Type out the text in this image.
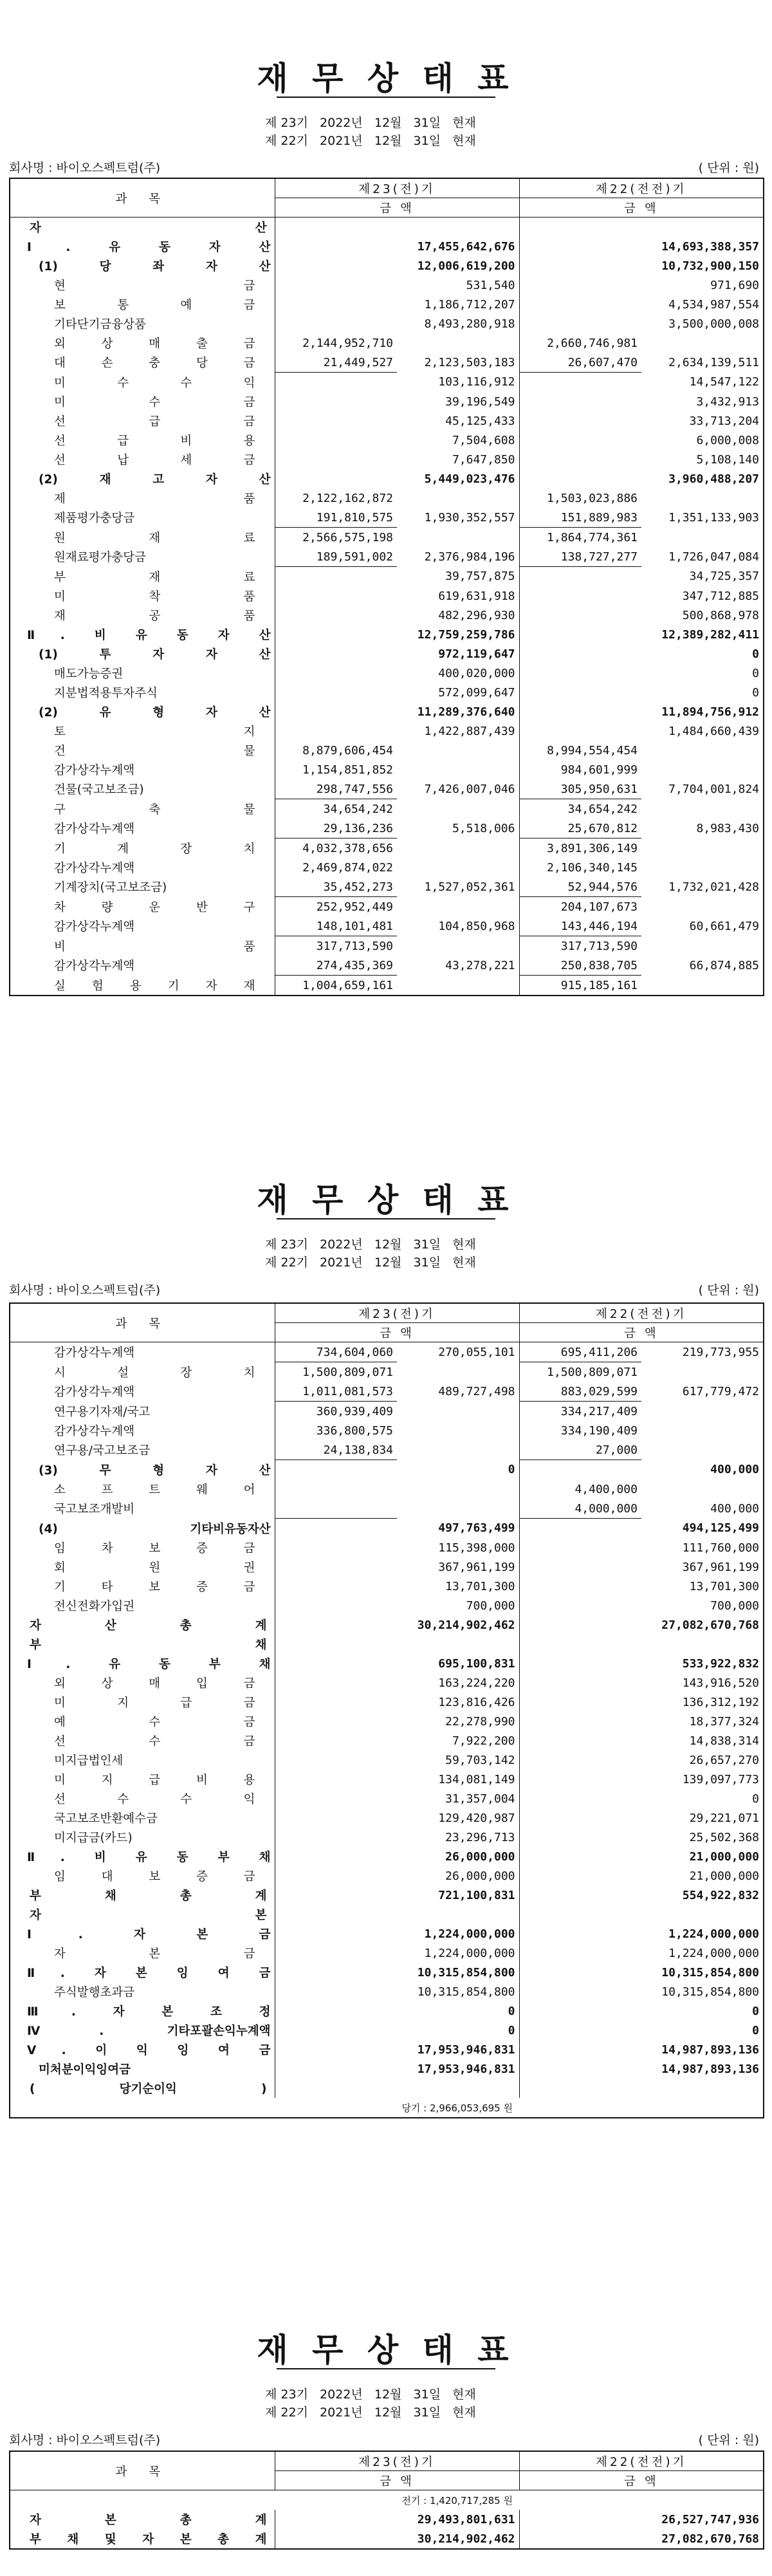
재 무 상 태 표
제 23기   2022년   12월   31일   현재
제 22기   2021년   12월   31일   현재
회사명 : 바이오스펙트럼(주)	( 단위 : 원)
과 목	제23(전)기		제22(전전)기	
	금 액		금 액	
자 산				
Ⅰ. 유 동 자 산		17,455,642,676		14,693,388,357
(1) 당 좌 자 산		12,006,619,200		10,732,900,150
현 금		531,540		971,690
보 통 예 금		1,186,712,207		4,534,987,554
기타단기금융상품		8,493,280,918		3,500,000,008
외 상 매 출 금	2,144,952,710		2,660,746,981	
대 손 충 당 금	21,449,527	2,123,503,183	26,607,470	2,634,139,511
미 수 수 익		103,116,912		14,547,122
미 수 금		39,196,549		3,432,913
선 급 금		45,125,433		33,713,204
선 급 비 용		7,504,608		6,000,008
선 납 세 금		7,647,850		5,108,140
(2) 재 고 자 산		5,449,023,476		3,960,488,207
제 품	2,122,162,872		1,503,023,886	
제품평가충당금	191,810,575	1,930,352,557	151,889,983	1,351,133,903
원 재 료	2,566,575,198		1,864,774,361	
원재료평가충당금	189,591,002	2,376,984,196	138,727,277	1,726,047,084
부 재 료		39,757,875		34,725,357
미 착 품		619,631,918		347,712,885
재 공 품		482,296,930		500,868,978
Ⅱ. 비 유 동 자 산		12,759,259,786		12,389,282,411
(1) 투 자 자 산		972,119,647		0
매도가능증권		400,020,000		0
지분법적용투자주식		572,099,647		0
(2) 유 형 자 산		11,289,376,640		11,894,756,912
토 지		1,422,887,439		1,484,660,439
건 물	8,879,606,454		8,994,554,454	
감가상각누계액	1,154,851,852		984,601,999	
건물(국고보조금)	298,747,556	7,426,007,046	305,950,631	7,704,001,824
구 축 물	34,654,242		34,654,242	
감가상각누계액	29,136,236	5,518,006	25,670,812	8,983,430
기 계 장 치	4,032,378,656		3,891,306,149	
감가상각누계액	2,469,874,022		2,106,340,145	
기계장치(국고보조금)	35,452,273	1,527,052,361	52,944,576	1,732,021,428
차 량 운 반 구	252,952,449		204,107,673	
감가상각누계액	148,101,481	104,850,968	143,446,194	60,661,479
비 품	317,713,590		317,713,590	
감가상각누계액	274,435,369	43,278,221	250,838,705	66,874,885
실 험 용 기 자 재	1,004,659,161		915,185,161	
재 무 상 태 표
제 23기   2022년   12월   31일   현재
제 22기   2021년   12월   31일   현재
회사명 : 바이오스펙트럼(주)	( 단위 : 원)
과 목	제23(전)기		제22(전전)기	
	금 액		금 액	
감가상각누계액	734,604,060	270,055,101	695,411,206	219,773,955
시 설 장 치	1,500,809,071		1,500,809,071	
감가상각누계액	1,011,081,573	489,727,498	883,029,599	617,779,472
연구용기자재/국고	360,939,409		334,217,409	
감가상각누계액	336,800,575		334,190,409	
연구용/국고보조금	24,138,834		27,000	
(3) 무 형 자 산		0		400,000
소 프 트 웨 어			4,400,000	
국고보조개발비			4,000,000	400,000
(4) 기타비유동자산		497,763,499		494,125,499
임 차 보 증 금		115,398,000		111,760,000
회 원 권		367,961,199		367,961,199
기 타 보 증 금		13,701,300		13,701,300
전신전화가입권		700,000		700,000
자 산 총 계		30,214,902,462		27,082,670,768
부 채				
Ⅰ. 유 동 부 채		695,100,831		533,922,832
외 상 매 입 금		163,224,220		143,916,520
미 지 급 금		123,816,426		136,312,192
예 수 금		22,278,990		18,377,324
선 수 금		7,922,200		14,838,314
미지급법인세		59,703,142		26,657,270
미 지 급 비 용		134,081,149		139,097,773
선 수 수 익		31,357,004		0
국고보조반환예수금		129,420,987		29,221,071
미지급금(카드)		23,296,713		25,502,368
Ⅱ. 비 유 동 부 채		26,000,000		21,000,000
임 대 보 증 금		26,000,000		21,000,000
부 채 총 계		721,100,831		554,922,832
자 본				
Ⅰ. 자 본 금		1,224,000,000		1,224,000,000
자 본 금		1,224,000,000		1,224,000,000
Ⅱ. 자 본 잉 여 금		10,315,854,800		10,315,854,800
주식발행초과금		10,315,854,800		10,315,854,800
Ⅲ. 자 본 조 정		0		0
Ⅳ. 기타포괄손익누계액		0		0
Ⅴ. 이 익 잉 여 금		17,953,946,831		14,987,893,136
미처분이익잉여금		17,953,946,831		14,987,893,136
( 당기순이익 )				
당기 : 2,966,053,695 원				
재 무 상 태 표
제 23기   2022년   12월   31일   현재
제 22기   2021년   12월   31일   현재
회사명 : 바이오스펙트럼(주)	( 단위 : 원)
과 목	제23(전)기		제22(전전)기	
	금 액		금 액	
전기 : 1,420,717,285 원				
자 본 총 계		29,493,801,631		26,527,747,936
부 채 및 자 본 총 계		30,214,902,462		27,082,670,768
